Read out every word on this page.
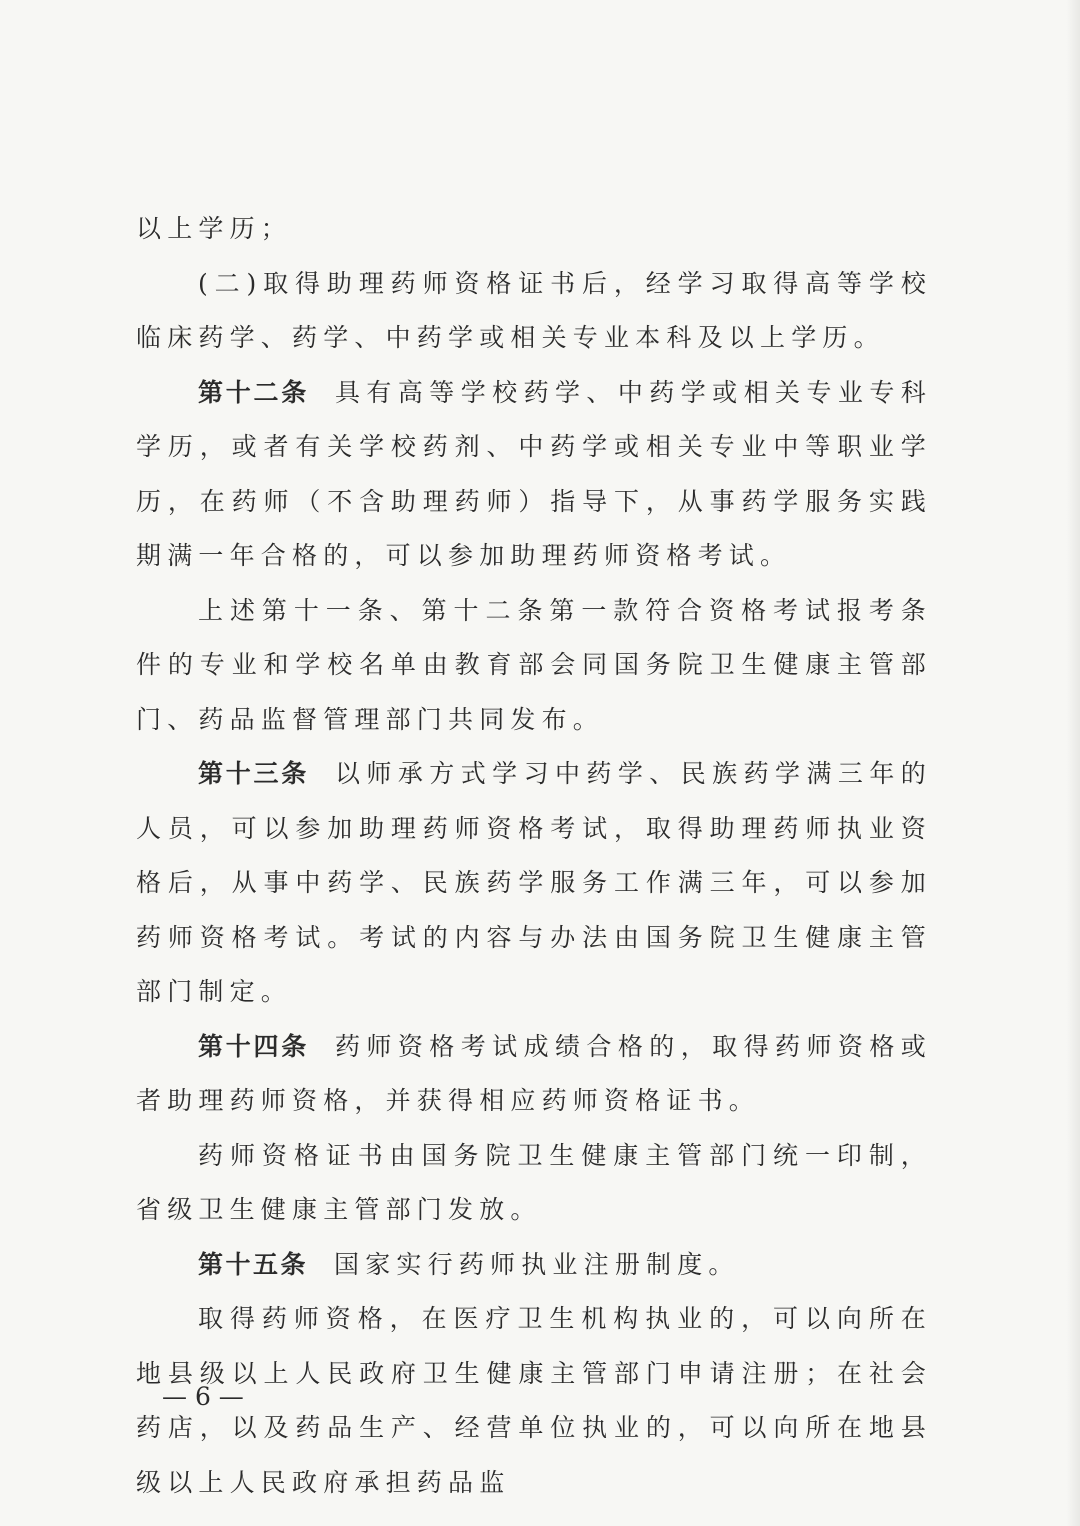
以上学历；

(二)取得助理药师资格证书后，经学习取得高等学校临床药学、药学、中药学或相关专业本科及以上学历。

第十二条 具有高等学校药学、中药学或相关专业专科学历，或者有关学校药剂、中药学或相关专业中等职业学历，在药师（不含助理药师）指导下，从事药学服务实践期满一年合格的，可以参加助理药师资格考试。

上述第十一条、第十二条第一款符合资格考试报考条件的专业和学校名单由教育部会同国务院卫生健康主管部门、药品监督管理部门共同发布。

第十三条 以师承方式学习中药学、民族药学满三年的人员，可以参加助理药师资格考试，取得助理药师执业资格后，从事中药学、民族药学服务工作满三年，可以参加药师资格考试。考试的内容与办法由国务院卫生健康主管部门制定。

第十四条 药师资格考试成绩合格的，取得药师资格或者助理药师资格，并获得相应药师资格证书。

药师资格证书由国务院卫生健康主管部门统一印制，省级卫生健康主管部门发放。

第十五条 国家实行药师执业注册制度。

取得药师资格，在医疗卫生机构执业的，可以向所在地县级以上人民政府卫生健康主管部门申请注册；在社会药店，以及药品生产、经营单位执业的，可以向所在地县级以上人民政府承担药品监

— 6 —
